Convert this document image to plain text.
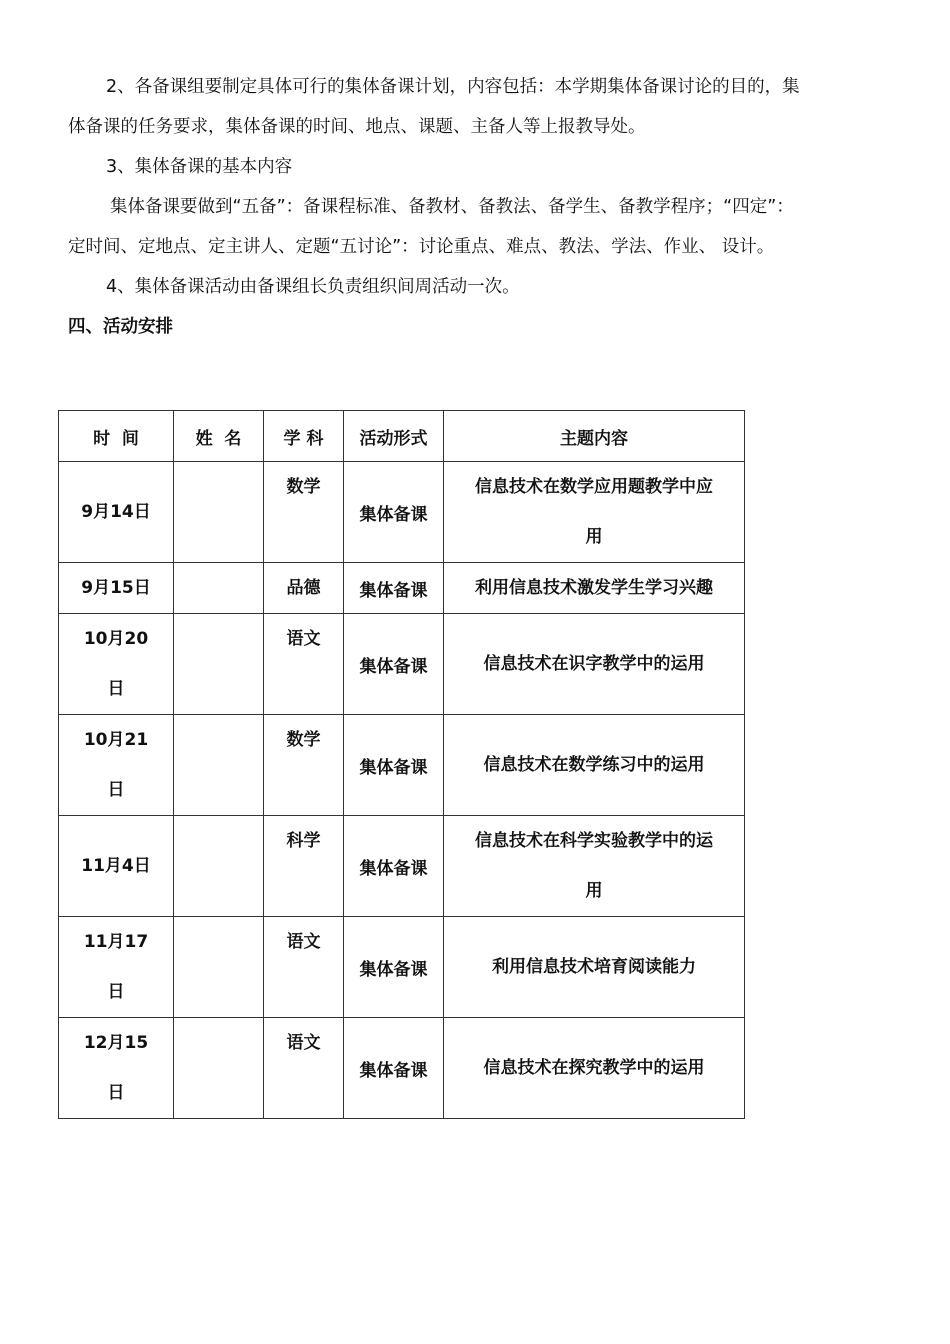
2、各备课组要制定具体可行的集体备课计划，内容包括：本学期集体备课讨论的目的，集
体备课的任务要求，集体备课的时间、地点、课题、主备人等上报教导处。
3、集体备课的基本内容
集体备课要做到“五备”：备课程标准、备教材、备教法、备学生、备教学程序；“四定”：
定时间、定地点、定主讲人、定题“五讨论”：讨论重点、难点、教法、学法、作业、 设计。
4、集体备课活动由备课组长负责组织间周活动一次。
四、活动安排
时  间	姓  名	学 科	活动形式	主题内容

9月14日		数学	集体备课	信息技术在数学应用题教学中应
用

9月15日		品德	集体备课	利用信息技术激发学生学习兴趣

10月20
日		语文	集体备课	信息技术在识字教学中的运用

10月21
日		数学	集体备课	信息技术在数学练习中的运用

11月4日		科学	集体备课	信息技术在科学实验教学中的运
用

11月17
日		语文	集体备课	利用信息技术培育阅读能力

12月15
日		语文	集体备课	信息技术在探究教学中的运用
